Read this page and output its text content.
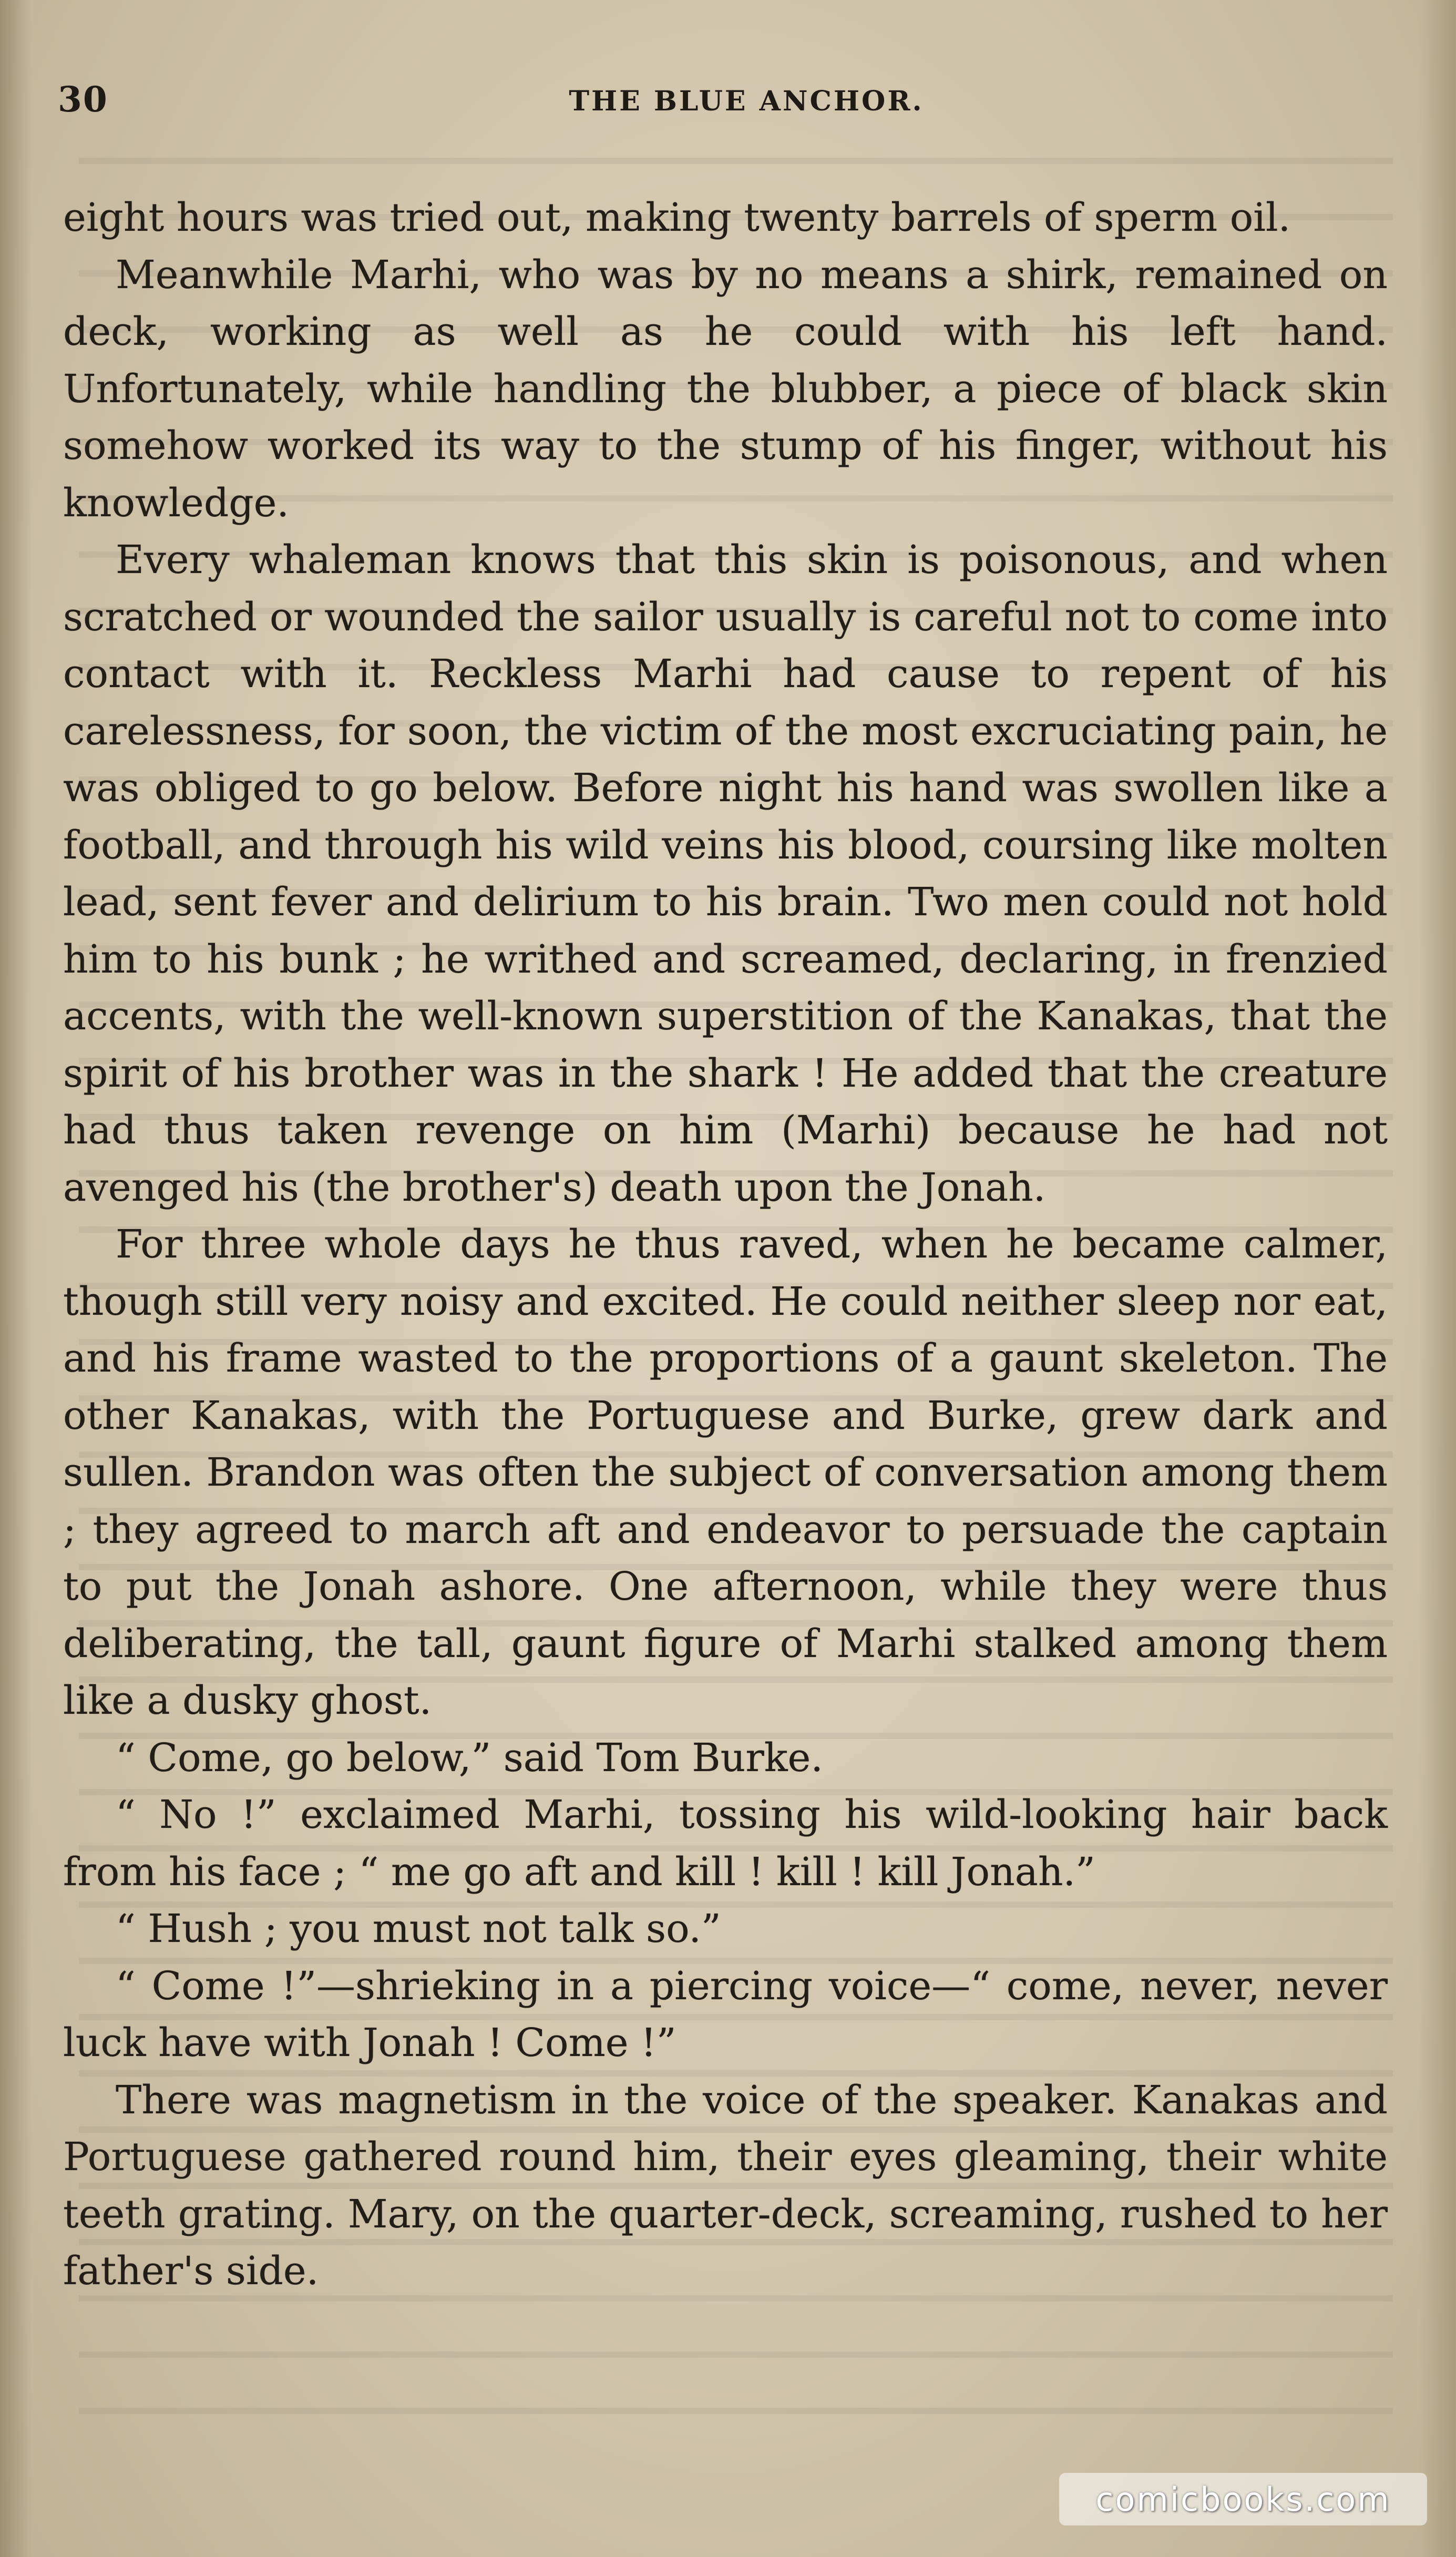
30	THE BLUE ANCHOR.

eight hours was tried out, making twenty barrels of sperm oil.

Meanwhile Marhi, who was by no means a shirk, remained on deck, working as well as he could with his left hand. Unfortunately, while handling the blubber, a piece of black skin somehow worked its way to the stump of his finger, without his knowledge.

Every whaleman knows that this skin is poisonous, and when scratched or wounded the sailor usually is careful not to come into contact with it. Reckless Marhi had cause to repent of his carelessness, for soon, the victim of the most excruciating pain, he was obliged to go below. Before night his hand was swollen like a football, and through his wild veins his blood, coursing like molten lead, sent fever and delirium to his brain. Two men could not hold him to his bunk ; he writhed and screamed, declaring, in frenzied accents, with the well-known superstition of the Kanakas, that the spirit of his brother was in the shark ! He added that the creature had thus taken revenge on him (Marhi) because he had not avenged his (the brother's) death upon the Jonah.

For three whole days he thus raved, when he became calmer, though still very noisy and excited. He could neither sleep nor eat, and his frame wasted to the proportions of a gaunt skeleton. The other Kanakas, with the Portuguese and Burke, grew dark and sullen. Brandon was often the subject of conversation among them ; they agreed to march aft and endeavor to persuade the captain to put the Jonah ashore. One afternoon, while they were thus deliberating, the tall, gaunt figure of Marhi stalked among them like a dusky ghost.

“ Come, go below,” said Tom Burke.

“ No !” exclaimed Marhi, tossing his wild-looking hair back from his face ; “ me go aft and kill ! kill ! kill Jonah.”

“ Hush ; you must not talk so.”

“ Come !”—shrieking in a piercing voice—“ come, never, never luck have with Jonah ! Come !”

There was magnetism in the voice of the speaker. Kanakas and Portuguese gathered round him, their eyes gleaming, their white teeth grating. Mary, on the quarter-deck, screaming, rushed to her father's side.

comicbooks.com
